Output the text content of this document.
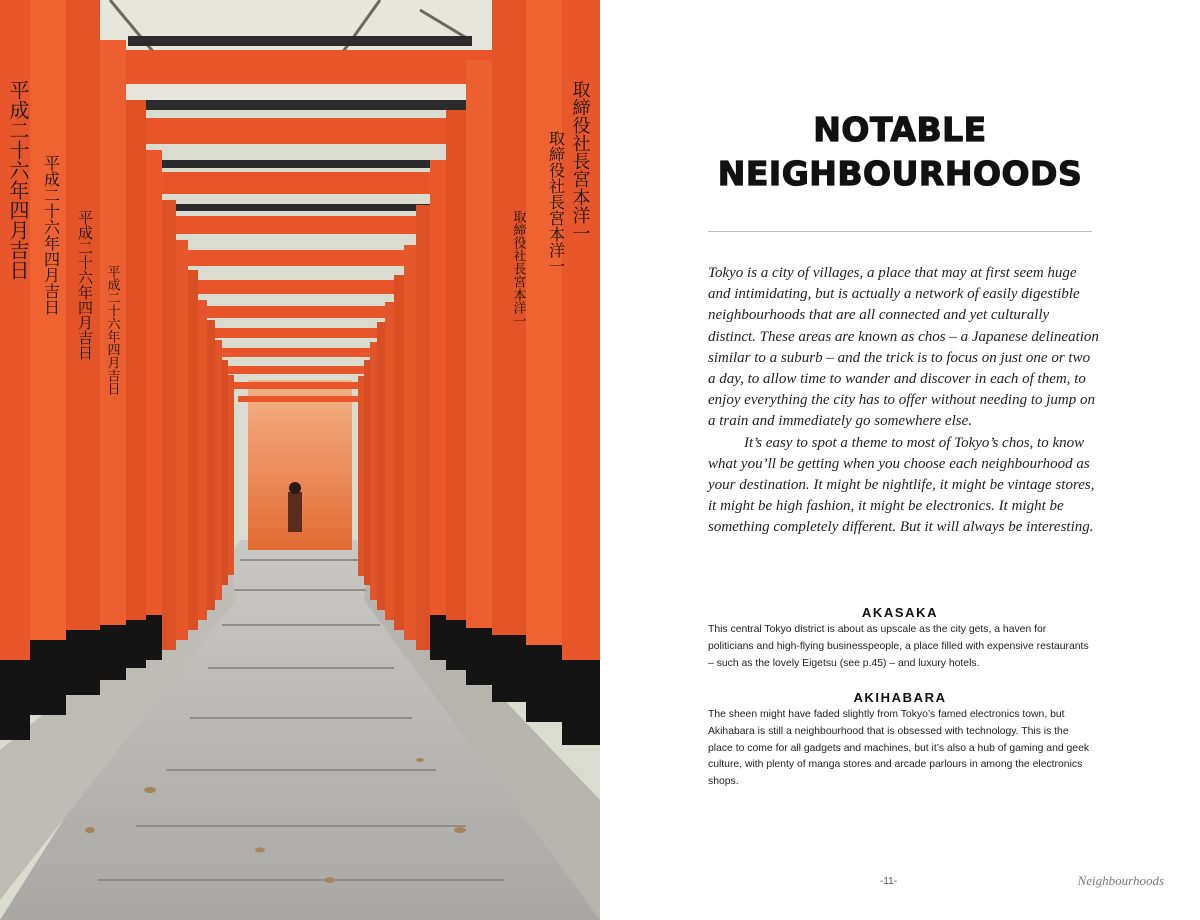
平成二十六年四月吉日 平成二十六年四月吉日 平成二十六年四月吉日 平成二十六年四月吉日
取締役社長宮本洋一
取締役社長宮本洋一
取締役社長宮本洋一
NOTABLE
NEIGHBOURHOODS

Tokyo is a city of villages, a place that may at first seem huge and intimidating, but is actually a network of easily digestible neighbourhoods that are all connected and yet culturally distinct. These areas are known as chos – a Japanese delineation similar to a suburb – and the trick is to focus on just one or two a day, to allow time to wander and discover in each of them, to enjoy everything the city has to offer without needing to jump on a train and immediately go somewhere else.

It’s easy to spot a theme to most of Tokyo’s chos, to know what you’ll be getting when you choose each neighbourhood as your destination. It might be nightlife, it might be vintage stores, it might be high fashion, it might be electronics. It might be something completely different. But it will always be interesting.

AKASAKA

This central Tokyo district is about as upscale as the city gets, a haven for politicians and high-flying businesspeople, a place filled with expensive restaurants – such as the lovely Eigetsu (see p.45) – and luxury hotels.

AKIHABARA

The sheen might have faded slightly from Tokyo’s famed electronics town, but Akihabara is still a neighbourhood that is obsessed with technology. This is the place to come for all gadgets and machines, but it’s also a hub of gaming and geek culture, with plenty of manga stores and arcade parlours in among the electronics shops.

-11-	Neighbourhoods
